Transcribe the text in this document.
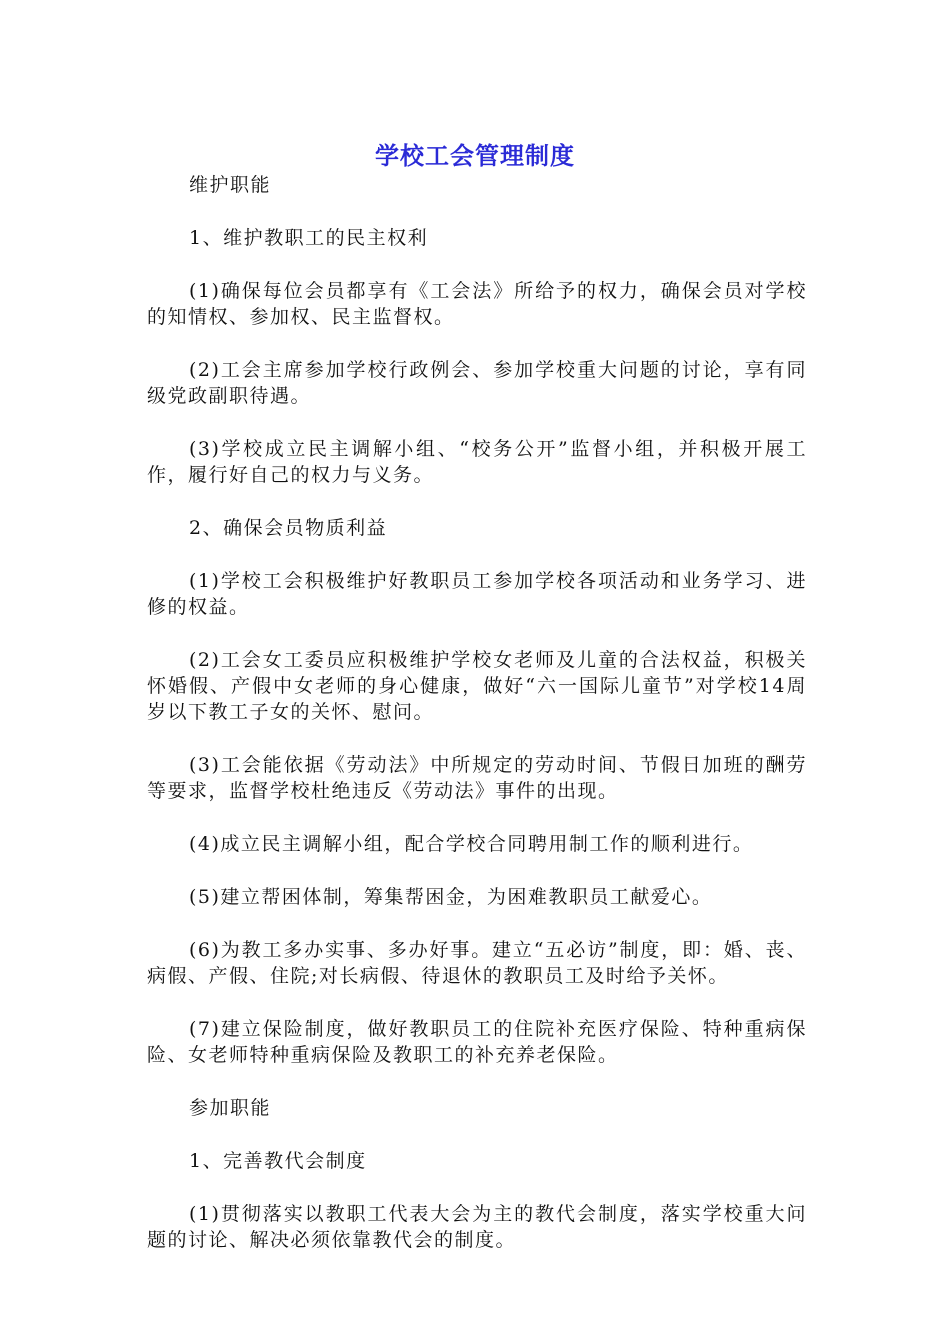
学校工会管理制度

维护职能

1、维护教职工的民主权利

(1)确保每位会员都享有《工会法》所给予的权力，确保会员对学校的知情权、参加权、民主监督权。

(2)工会主席参加学校行政例会、参加学校重大问题的讨论，享有同级党政副职待遇。

(3)学校成立民主调解小组、“校务公开”监督小组，并积极开展工作，履行好自己的权力与义务。

2、确保会员物质利益

(1)学校工会积极维护好教职员工参加学校各项活动和业务学习、进修的权益。

(2)工会女工委员应积极维护学校女老师及儿童的合法权益，积极关怀婚假、产假中女老师的身心健康，做好“六一国际儿童节”对学校14周岁以下教工子女的关怀、慰问。

(3)工会能依据《劳动法》中所规定的劳动时间、节假日加班的酬劳等要求，监督学校杜绝违反《劳动法》事件的出现。

(4)成立民主调解小组，配合学校合同聘用制工作的顺利进行。

(5)建立帮困体制，筹集帮困金，为困难教职员工献爱心。

(6)为教工多办实事、多办好事。建立“五必访”制度，即：婚、丧、病假、产假、住院;对长病假、待退休的教职员工及时给予关怀。

(7)建立保险制度，做好教职员工的住院补充医疗保险、特种重病保险、女老师特种重病保险及教职工的补充养老保险。

参加职能

1、完善教代会制度

(1)贯彻落实以教职工代表大会为主的教代会制度，落实学校重大问题的讨论、解决必须依靠教代会的制度。
